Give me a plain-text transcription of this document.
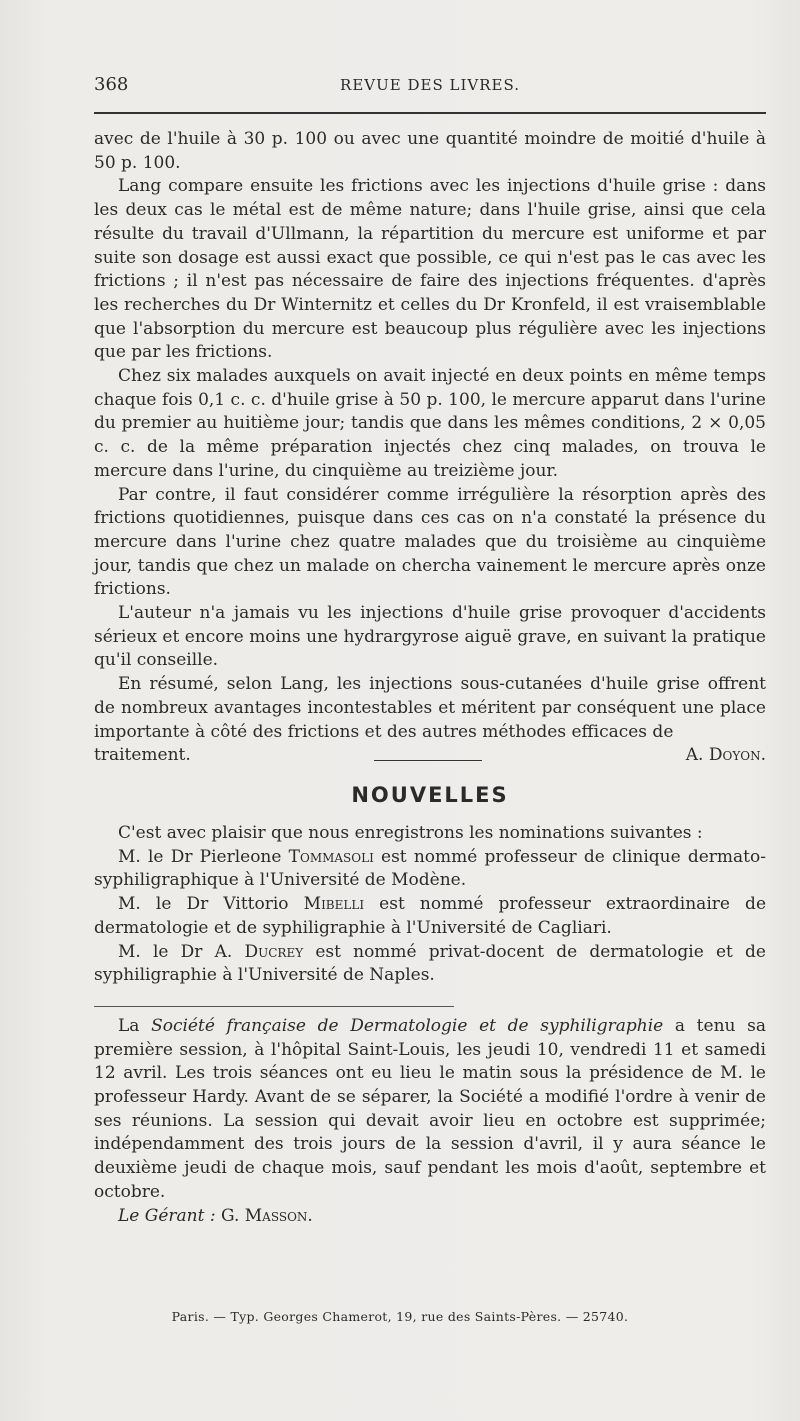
368	REVUE DES LIVRES.

avec de l'huile à 30 p. 100 ou avec une quantité moindre de moitié d'huile à 50 p. 100.

Lang compare ensuite les frictions avec les injections d'huile grise : dans les deux cas le métal est de même nature; dans l'huile grise, ainsi que cela résulte du travail d'Ullmann, la répartition du mercure est uniforme et par suite son dosage est aussi exact que possible, ce qui n'est pas le cas avec les frictions ; il n'est pas nécessaire de faire des injections fréquentes. d'après les recherches du Dr Winternitz et celles du Dr Kronfeld, il est vraisemblable que l'absorption du mercure est beaucoup plus régulière avec les injections que par les frictions.

Chez six malades auxquels on avait injecté en deux points en même temps chaque fois 0,1 c. c. d'huile grise à 50 p. 100, le mercure apparut dans l'urine du premier au huitième jour; tandis que dans les mêmes conditions, 2 × 0,05 c. c. de la même préparation injectés chez cinq malades, on trouva le mercure dans l'urine, du cinquième au treizième jour.

Par contre, il faut considérer comme irrégulière la résorption après des frictions quotidiennes, puisque dans ces cas on n'a constaté la présence du mercure dans l'urine chez quatre malades que du troisième au cinquième jour, tandis que chez un malade on chercha vainement le mercure après onze frictions.

L'auteur n'a jamais vu les injections d'huile grise provoquer d'accidents sérieux et encore moins une hydrargyrose aiguë grave, en suivant la pratique qu'il conseille.

En résumé, selon Lang, les injections sous-cutanées d'huile grise offrent de nombreux avantages incontestables et méritent par conséquent une place importante à côté des frictions et des autres méthodes efficaces de

traitement.	A. Doyon.
NOUVELLES

C'est avec plaisir que nous enregistrons les nominations suivantes :

M. le Dr Pierleone Tommasoli est nommé professeur de clinique dermato-syphiligraphique à l'Université de Modène.

M. le Dr Vittorio Mibelli est nommé professeur extraordinaire de dermatologie et de syphiligraphie à l'Université de Cagliari.

M. le Dr A. Ducrey est nommé privat-docent de dermatologie et de syphiligraphie à l'Université de Naples.

La Société française de Dermatologie et de syphiligraphie a tenu sa première session, à l'hôpital Saint-Louis, les jeudi 10, vendredi 11 et samedi 12 avril. Les trois séances ont eu lieu le matin sous la présidence de M. le professeur Hardy. Avant de se séparer, la Société a modifié l'ordre à venir de ses réunions. La session qui devait avoir lieu en octobre est supprimée; indépendamment des trois jours de la session d'avril, il y aura séance le deuxième jeudi de chaque mois, sauf pendant les mois d'août, septembre et octobre.

Le Gérant : G. Masson.

Paris. — Typ. Georges Chamerot, 19, rue des Saints-Pères. — 25740.
